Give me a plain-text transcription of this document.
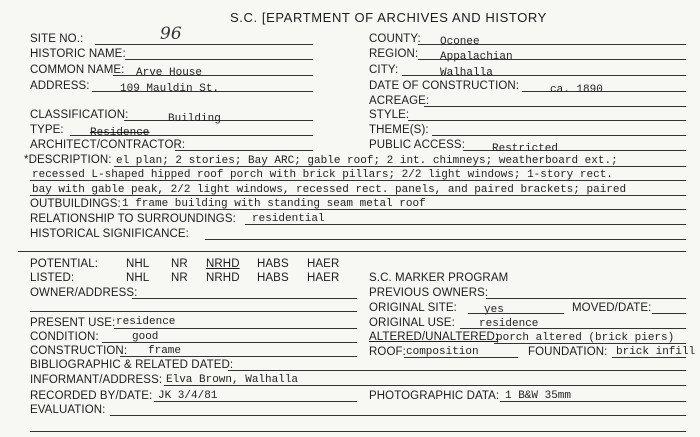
S.C. [EPARTMENT OF ARCHIVES AND HISTORY
SITE NO.:	96
HISTORIC NAME:
COMMON NAME: Arve House
ADDRESS:	109 Mauldin St.
CLASSIFICATION:	Building
TYPE: Residence
ARCHITECT/CONTRACTOR:
COUNTY: Oconee
REGION: Appalachian
CITY:	Walhalla
DATE OF CONSTRUCTION:	ca. 1890
ACREAGE:
STYLE:
THEME(S):
PUBLIC ACCESS: Restricted
*DESCRIPTION: el plan; 2 stories; Bay ARC; gable roof; 2 int. chimneys; weatherboard ext.;
recessed L-shaped hipped roof porch with brick pillars; 2/2 light windows; 1-story rect.
bay with gable peak, 2/2 light windows, recessed rect. panels, and paired brackets; paired
OUTBUILDINGS: 1 frame building with standing seam metal roof
RELATIONSHIP TO SURROUNDINGS: residential
HISTORICAL SIGNIFICANCE:
POTENTIAL: NHL NR NRHD HABS HAER
LISTED:	NHL NR NRHD HABS HAER	S.C. MARKER PROGRAM
OWNER/ADDRESS:	PREVIOUS OWNERS:
ORIGINAL SITE: yes	MOVED/DATE:
PRESENT USE: residence	ORIGINAL USE: residence
CONDITION:	good	ALTERED/UNALTERED:
porch altered (brick piers)
CONSTRUCTION: frame	ROOF: composition	FOUNDATION: brick infill
BIBLIOGRAPHIC & RELATED DATED:
INFORMANT/ADDRESS: Elva Brown, Walhalla
RECORDED BY/DATE: JK 3/4/81	PHOTOGRAPHIC DATA: 1 B&W 35mm
EVALUATION:
